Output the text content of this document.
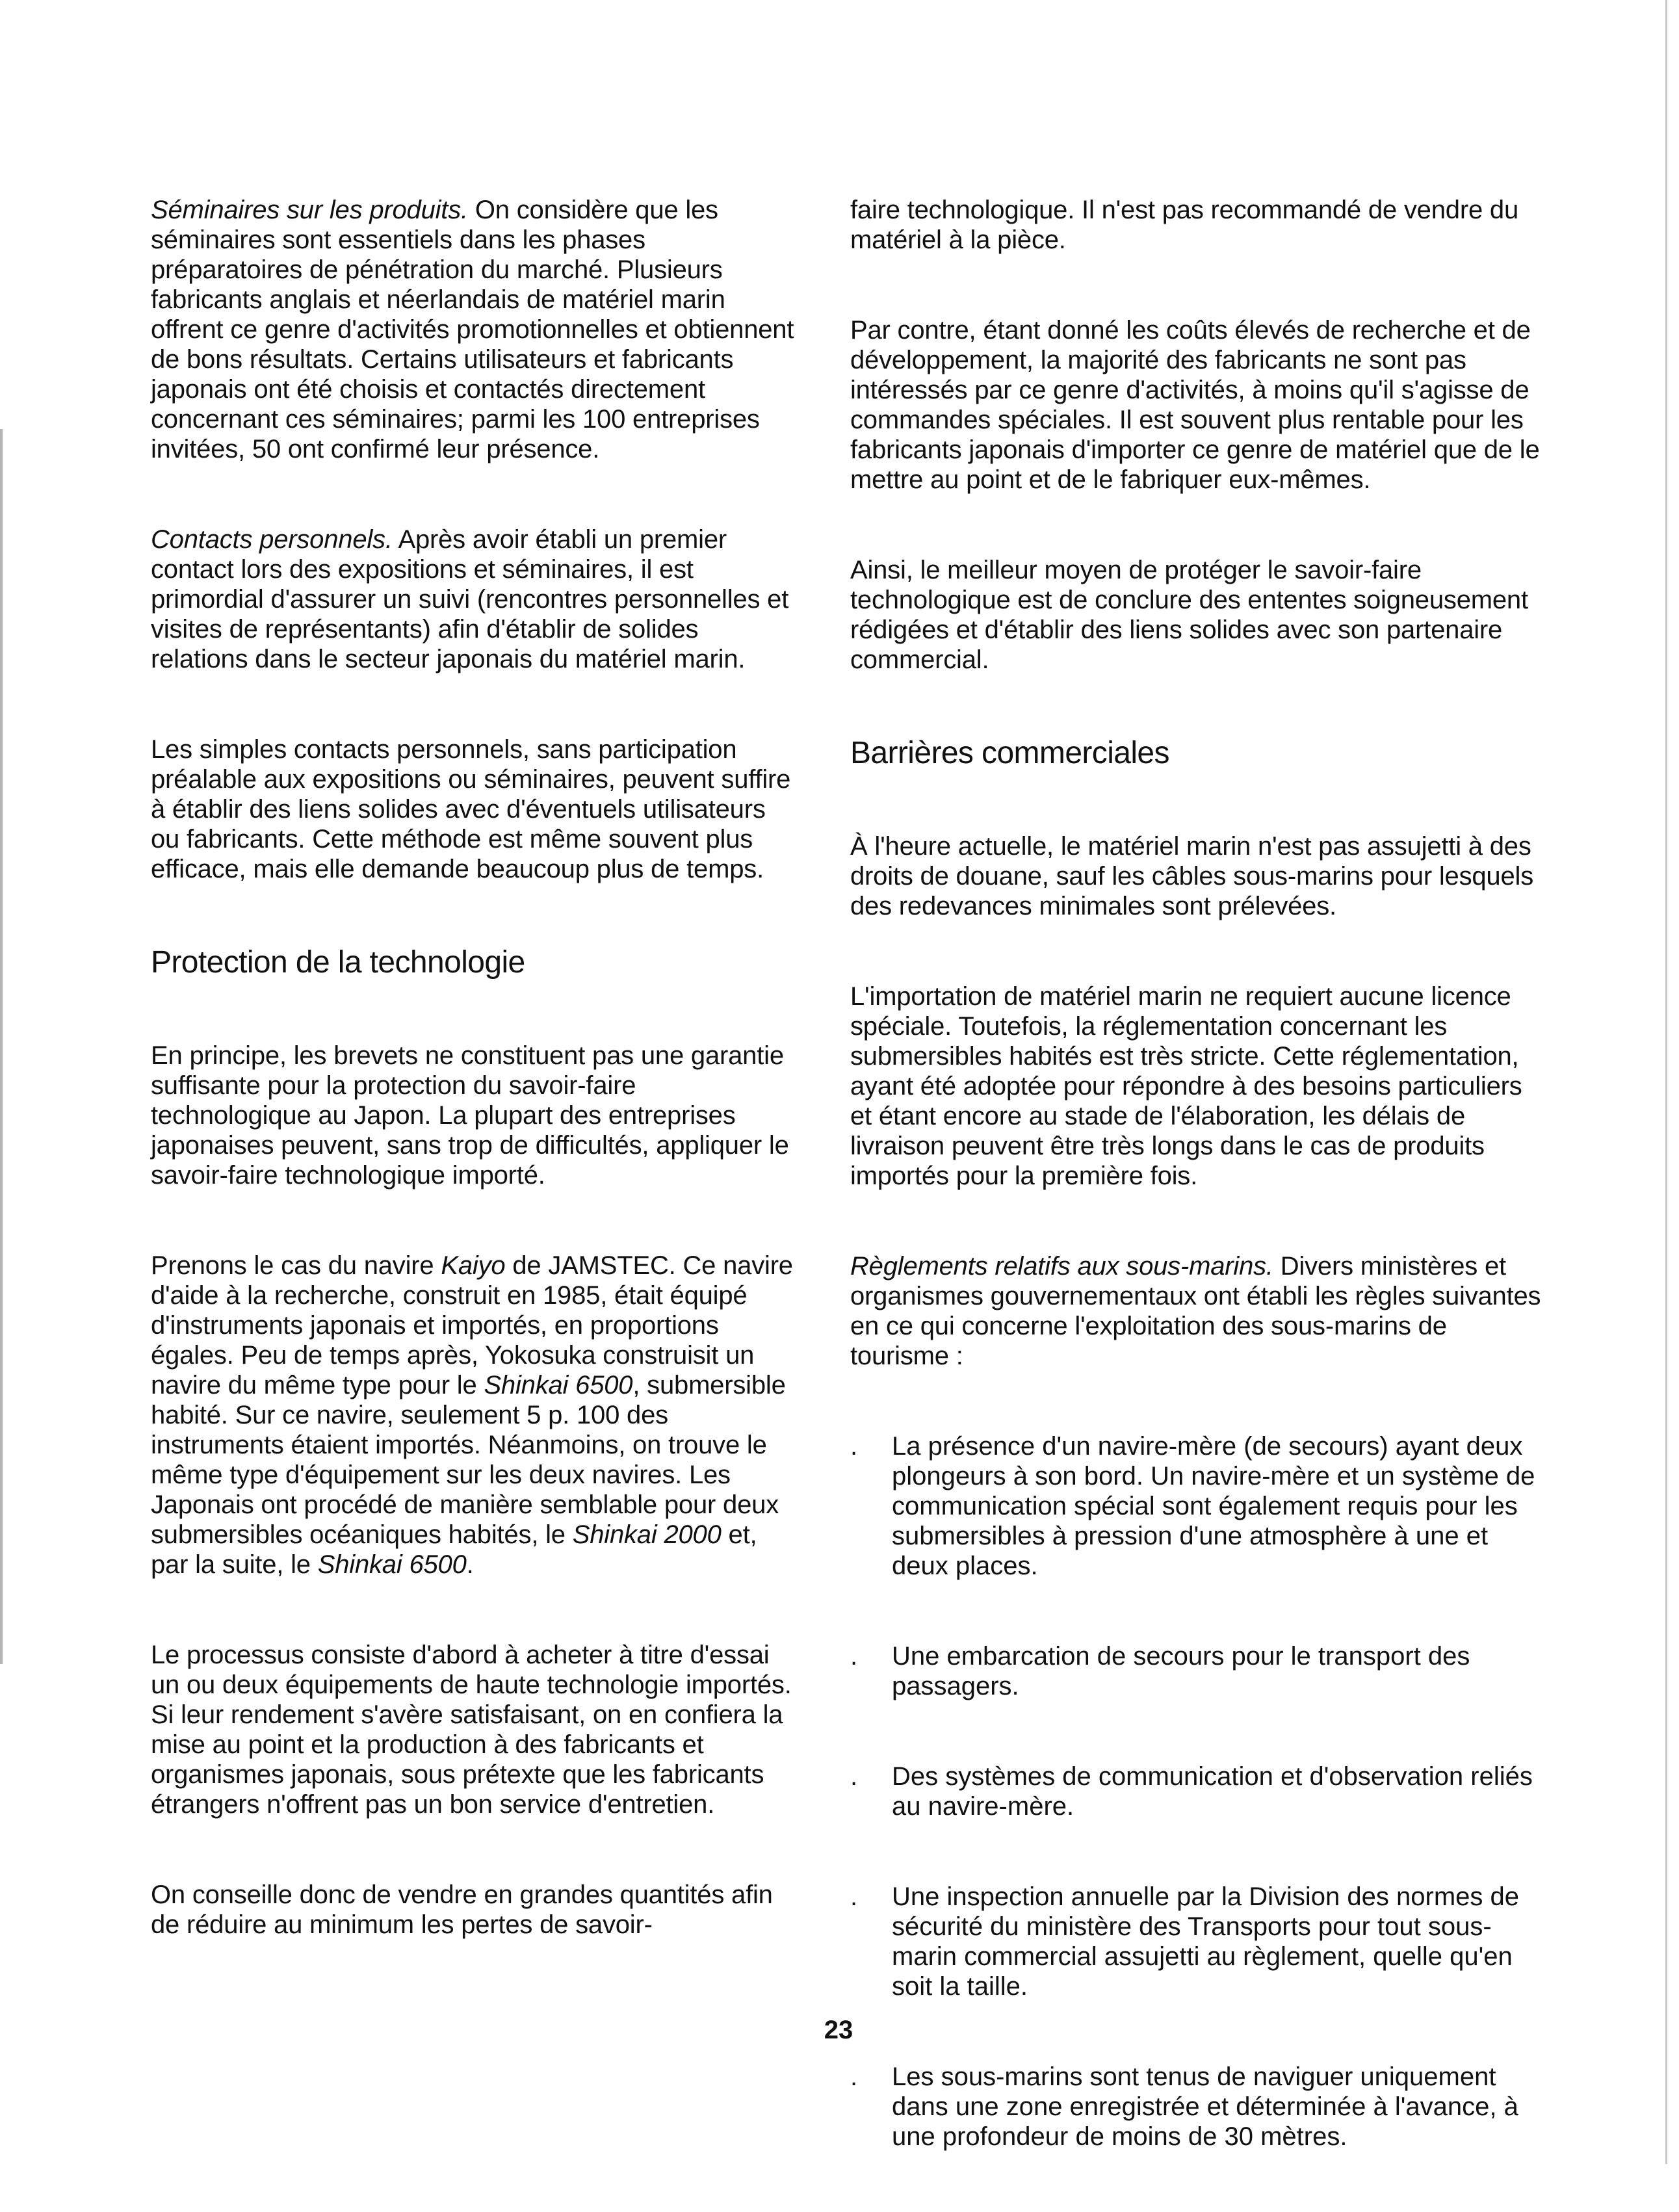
Séminaires sur les produits. On considère que les séminaires sont essentiels dans les phases préparatoires de pénétration du marché. Plusieurs fabricants anglais et néerlandais de matériel marin offrent ce genre d'activités promotionnelles et obtiennent de bons résultats. Certains utilisateurs et fabricants japonais ont été choisis et contactés directement concernant ces séminaires; parmi les 100 entreprises invitées, 50 ont confirmé leur présence.

Contacts personnels. Après avoir établi un premier contact lors des expositions et séminaires, il est primordial d'assurer un suivi (rencontres personnelles et visites de représentants) afin d'établir de solides relations dans le secteur japonais du matériel marin.

Les simples contacts personnels, sans participation préalable aux expositions ou séminaires, peuvent suffire à établir des liens solides avec d'éventuels utilisateurs ou fabricants. Cette méthode est même souvent plus efficace, mais elle demande beaucoup plus de temps.

Protection de la technologie

En principe, les brevets ne constituent pas une garantie suffisante pour la protection du savoir-faire technologique au Japon. La plupart des entreprises japonaises peuvent, sans trop de difficultés, appliquer le savoir-faire technologique importé.

Prenons le cas du navire Kaiyo de JAMSTEC. Ce navire d'aide à la recherche, construit en 1985, était équipé d'instruments japonais et importés, en proportions égales. Peu de temps après, Yokosuka construisit un navire du même type pour le Shinkai 6500, submersible habité. Sur ce navire, seulement 5 p. 100 des instruments étaient importés. Néanmoins, on trouve le même type d'équipement sur les deux navires. Les Japonais ont procédé de manière semblable pour deux submersibles océaniques habités, le Shinkai 2000 et, par la suite, le Shinkai 6500.

Le processus consiste d'abord à acheter à titre d'essai un ou deux équipements de haute technologie importés. Si leur rendement s'avère satisfaisant, on en confiera la mise au point et la production à des fabricants et organismes japonais, sous prétexte que les fabricants étrangers n'offrent pas un bon service d'entretien.

On conseille donc de vendre en grandes quantités afin de réduire au minimum les pertes de savoir-

faire technologique. Il n'est pas recommandé de vendre du matériel à la pièce.

Par contre, étant donné les coûts élevés de recherche et de développement, la majorité des fabricants ne sont pas intéressés par ce genre d'activités, à moins qu'il s'agisse de commandes spéciales. Il est souvent plus rentable pour les fabricants japonais d'importer ce genre de matériel que de le mettre au point et de le fabriquer eux-mêmes.

Ainsi, le meilleur moyen de protéger le savoir-faire technologique est de conclure des ententes soigneusement rédigées et d'établir des liens solides avec son partenaire commercial.

Barrières commerciales

À l'heure actuelle, le matériel marin n'est pas assujetti à des droits de douane, sauf les câbles sous-marins pour lesquels des redevances minimales sont prélevées.

L'importation de matériel marin ne requiert aucune licence spéciale. Toutefois, la réglementation concernant les submersibles habités est très stricte. Cette réglementation, ayant été adoptée pour répondre à des besoins particuliers et étant encore au stade de l'élaboration, les délais de livraison peuvent être très longs dans le cas de produits importés pour la première fois.

Règlements relatifs aux sous-marins. Divers ministères et organismes gouvernementaux ont établi les règles suivantes en ce qui concerne l'exploitation des sous-marins de tourisme :

.	La présence d'un navire-mère (de secours) ayant deux plongeurs à son bord. Un navire-mère et un système de communication spécial sont également requis pour les submersibles à pression d'une atmosphère à une et deux places.
.	Une embarcation de secours pour le transport des passagers.
.	Des systèmes de communication et d'observation reliés au navire-mère.
.	Une inspection annuelle par la Division des normes de sécurité du ministère des Transports pour tout sous-marin commercial assujetti au règlement, quelle qu'en soit la taille.
.	Les sous-marins sont tenus de naviguer uniquement dans une zone enregistrée et déterminée à l'avance, à une profondeur de moins de 30 mètres.
23
